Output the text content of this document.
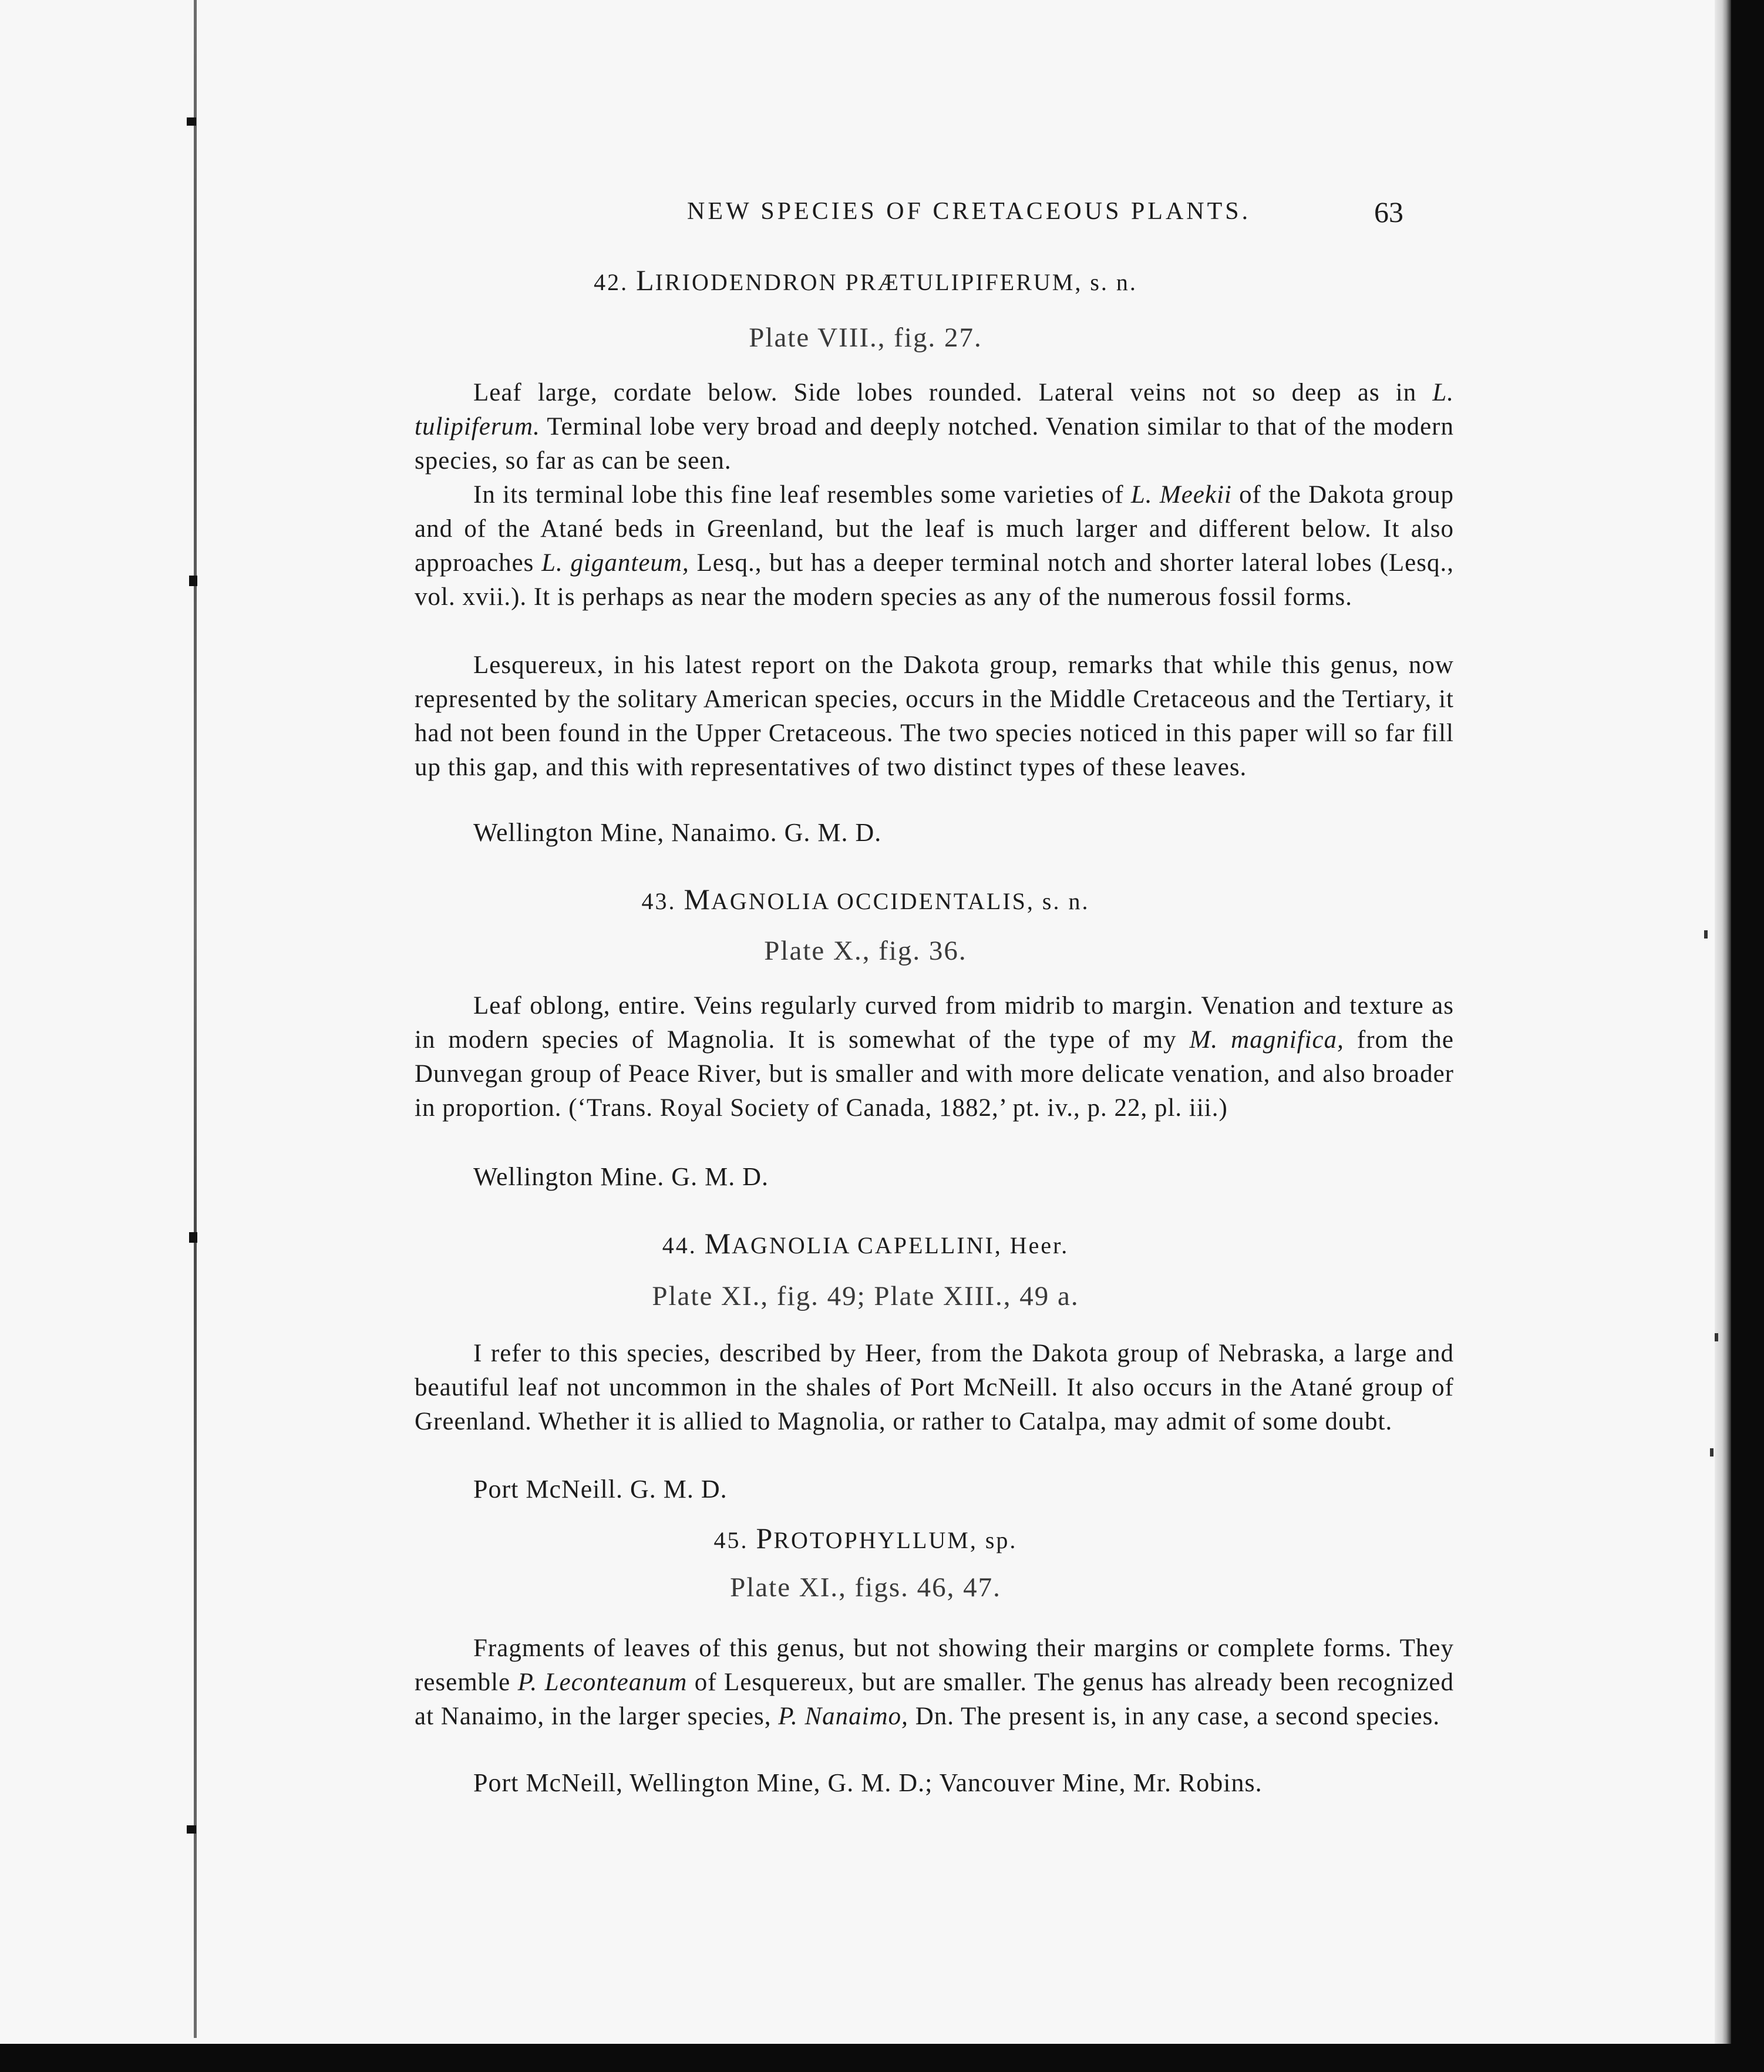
NEW SPECIES OF CRETACEOUS PLANTS.	63
42. LIRIODENDRON PRÆTULIPIFERUM, s. n.
Plate VIII., fig. 27.
Leaf large, cordate below. Side lobes rounded. Lateral veins not so deep as in L. tulipiferum. Terminal lobe very broad and deeply notched. Venation similar to that of the modern species, so far as can be seen.
In its terminal lobe this fine leaf resembles some varieties of L. Meekii of the Dakota group and of the Atané beds in Greenland, but the leaf is much larger and different below. It also approaches L. giganteum, Lesq., but has a deeper terminal notch and shorter lateral lobes (Lesq., vol. xvii.). It is perhaps as near the modern species as any of the numerous fossil forms.
Lesquereux, in his latest report on the Dakota group, remarks that while this genus, now represented by the solitary American species, occurs in the Middle Cretaceous and the Tertiary, it had not been found in the Upper Cretaceous. The two species noticed in this paper will so far fill up this gap, and this with representatives of two distinct types of these leaves.
Wellington Mine, Nanaimo. G. M. D.
43. MAGNOLIA OCCIDENTALIS, s. n.
Plate X., fig. 36.
Leaf oblong, entire. Veins regularly curved from midrib to margin. Venation and texture as in modern species of Magnolia. It is somewhat of the type of my M. magnifica, from the Dunvegan group of Peace River, but is smaller and with more delicate venation, and also broader in proportion. (‘Trans. Royal Society of Canada, 1882,’ pt. iv., p. 22, pl. iii.)
Wellington Mine. G. M. D.
44. MAGNOLIA CAPELLINI, Heer.
Plate XI., fig. 49; Plate XIII., 49 a.
I refer to this species, described by Heer, from the Dakota group of Nebraska, a large and beautiful leaf not uncommon in the shales of Port McNeill. It also occurs in the Atané group of Greenland. Whether it is allied to Magnolia, or rather to Catalpa, may admit of some doubt.
Port McNeill. G. M. D.
45. PROTOPHYLLUM, sp.
Plate XI., figs. 46, 47.
Fragments of leaves of this genus, but not showing their margins or complete forms. They resemble P. Leconteanum of Lesquereux, but are smaller. The genus has already been recognized at Nanaimo, in the larger species, P. Nanaimo, Dn. The present is, in any case, a second species.
Port McNeill, Wellington Mine, G. M. D.; Vancouver Mine, Mr. Robins.
